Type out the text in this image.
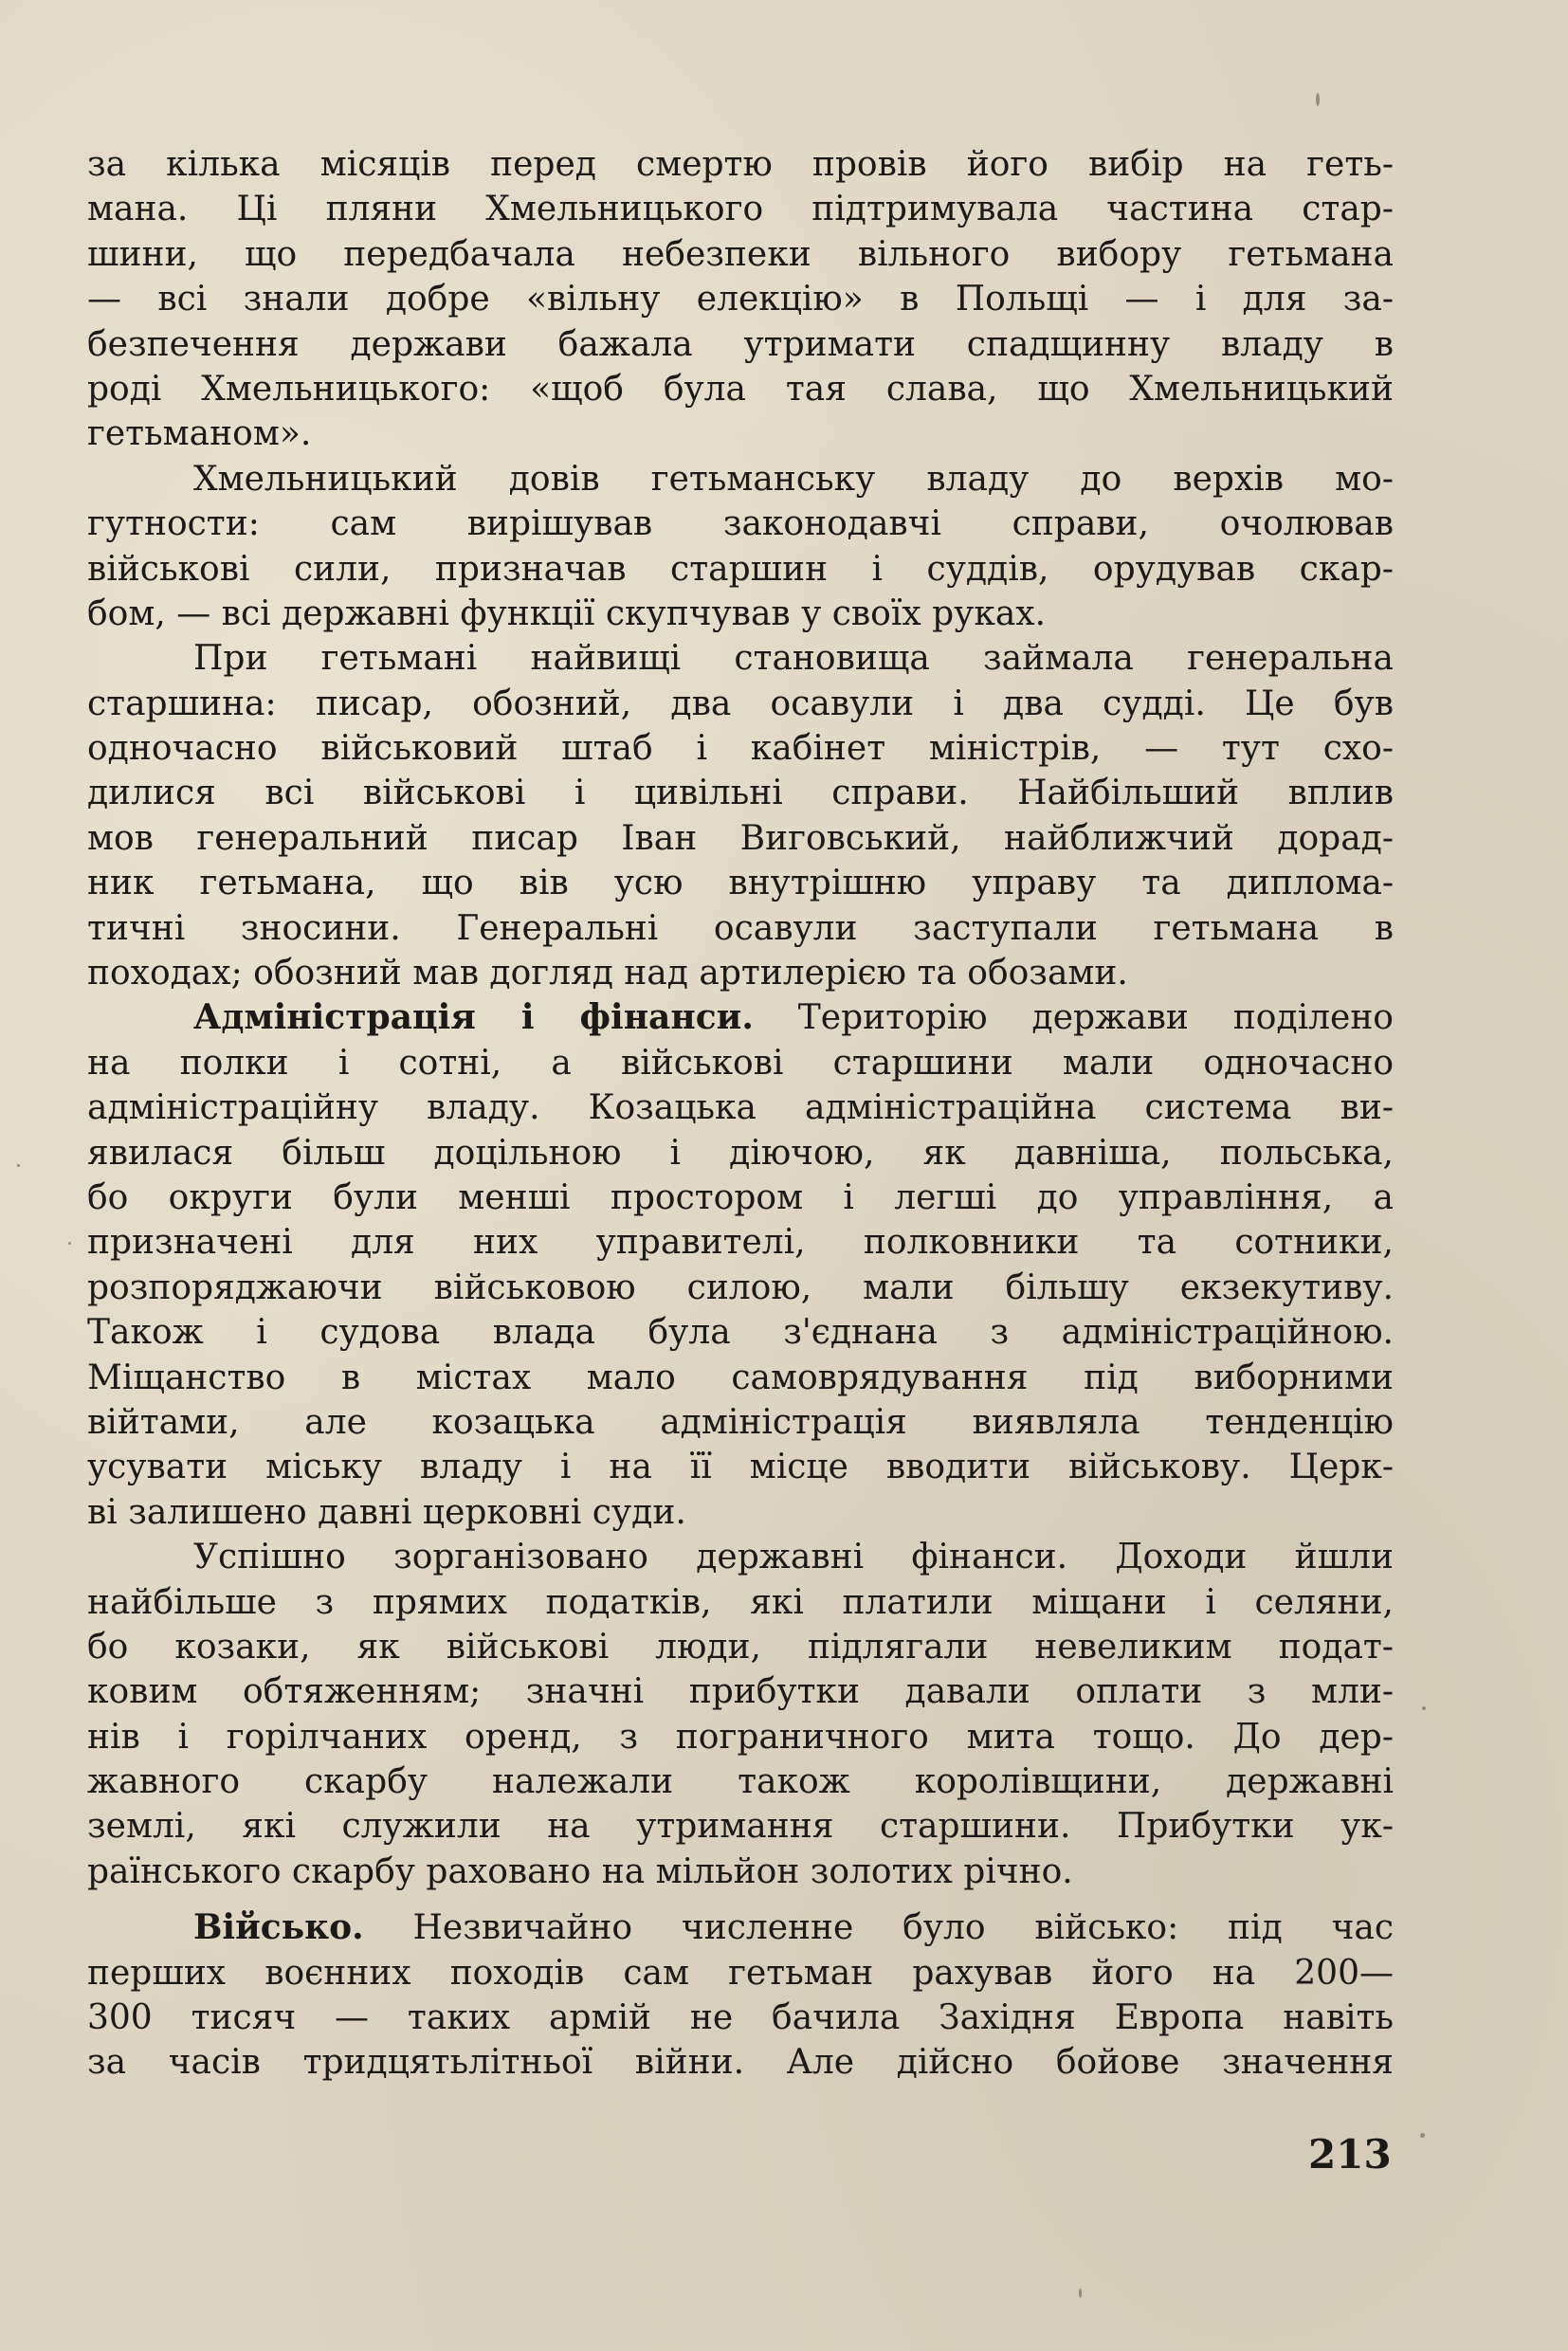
за кілька місяців перед смертю провів його вибір на геть-
мана. Ці пляни Хмельницького підтримувала частина стар-
шини, що передбачала небезпеки вільного вибору гетьмана
— всі знали добре «вільну елекцію» в Польщі — і для за-
безпечення держави бажала утримати спадщинну владу в
роді Хмельницького: «щоб була тая слава, що Хмельницький
гетьманом».
Хмельницький довів гетьманську владу до верхів мо-
гутности: сам вирішував законодавчі справи, очолював
військові сили, призначав старшин і суддів, орудував скар-
бом, — всі державні функції скупчував у своїх руках.
При гетьмані найвищі становища займала генеральна
старшина: писар, обозний, два осавули і два судді. Це був
одночасно військовий штаб і кабінет міністрів, — тут схо-
дилися всі військові і цивільні справи. Найбільший вплив
мов генеральний писар Іван Виговський, найближчий дорад-
ник гетьмана, що вів усю внутрішню управу та диплома-
тичні зносини. Генеральні осавули заступали гетьмана в
походах; обозний мав догляд над артилерією та обозами.
Адміністрація і фінанси. Територію держави поділено
на полки і сотні, а військові старшини мали одночасно
адміністраційну владу. Козацька адміністраційна система ви-
явилася більш доцільною і діючою, як давніша, польська,
бо округи були менші простором і легші до управління, а
призначені для них управителі, полковники та сотники,
розпоряджаючи військовою силою, мали більшу екзекутиву.
Також і судова влада була з'єднана з адміністраційною.
Міщанство в містах мало самоврядування під виборними
війтами, але козацька адміністрація виявляла тенденцію
усувати міську владу і на її місце вводити військову. Церк-
ві залишено давні церковні суди.
Успішно зорганізовано державні фінанси. Доходи йшли
найбільше з прямих податків, які платили міщани і селяни,
бо козаки, як військові люди, підлягали невеликим подат-
ковим обтяженням; значні прибутки давали оплати з мли-
нів і горілчаних оренд, з пограничного мита тощо. До дер-
жавного скарбу належали також королівщини, державні
землі, які служили на утримання старшини. Прибутки ук-
раїнського скарбу раховано на мільйон золотих річно.
Військо. Незвичайно численне було військо: під час
перших воєнних походів сам гетьман рахував його на 200—
300 тисяч — таких армій не бачила Західня Европа навіть
за часів тридцятьлітньої війни. Але дійсно бойове значення
213
